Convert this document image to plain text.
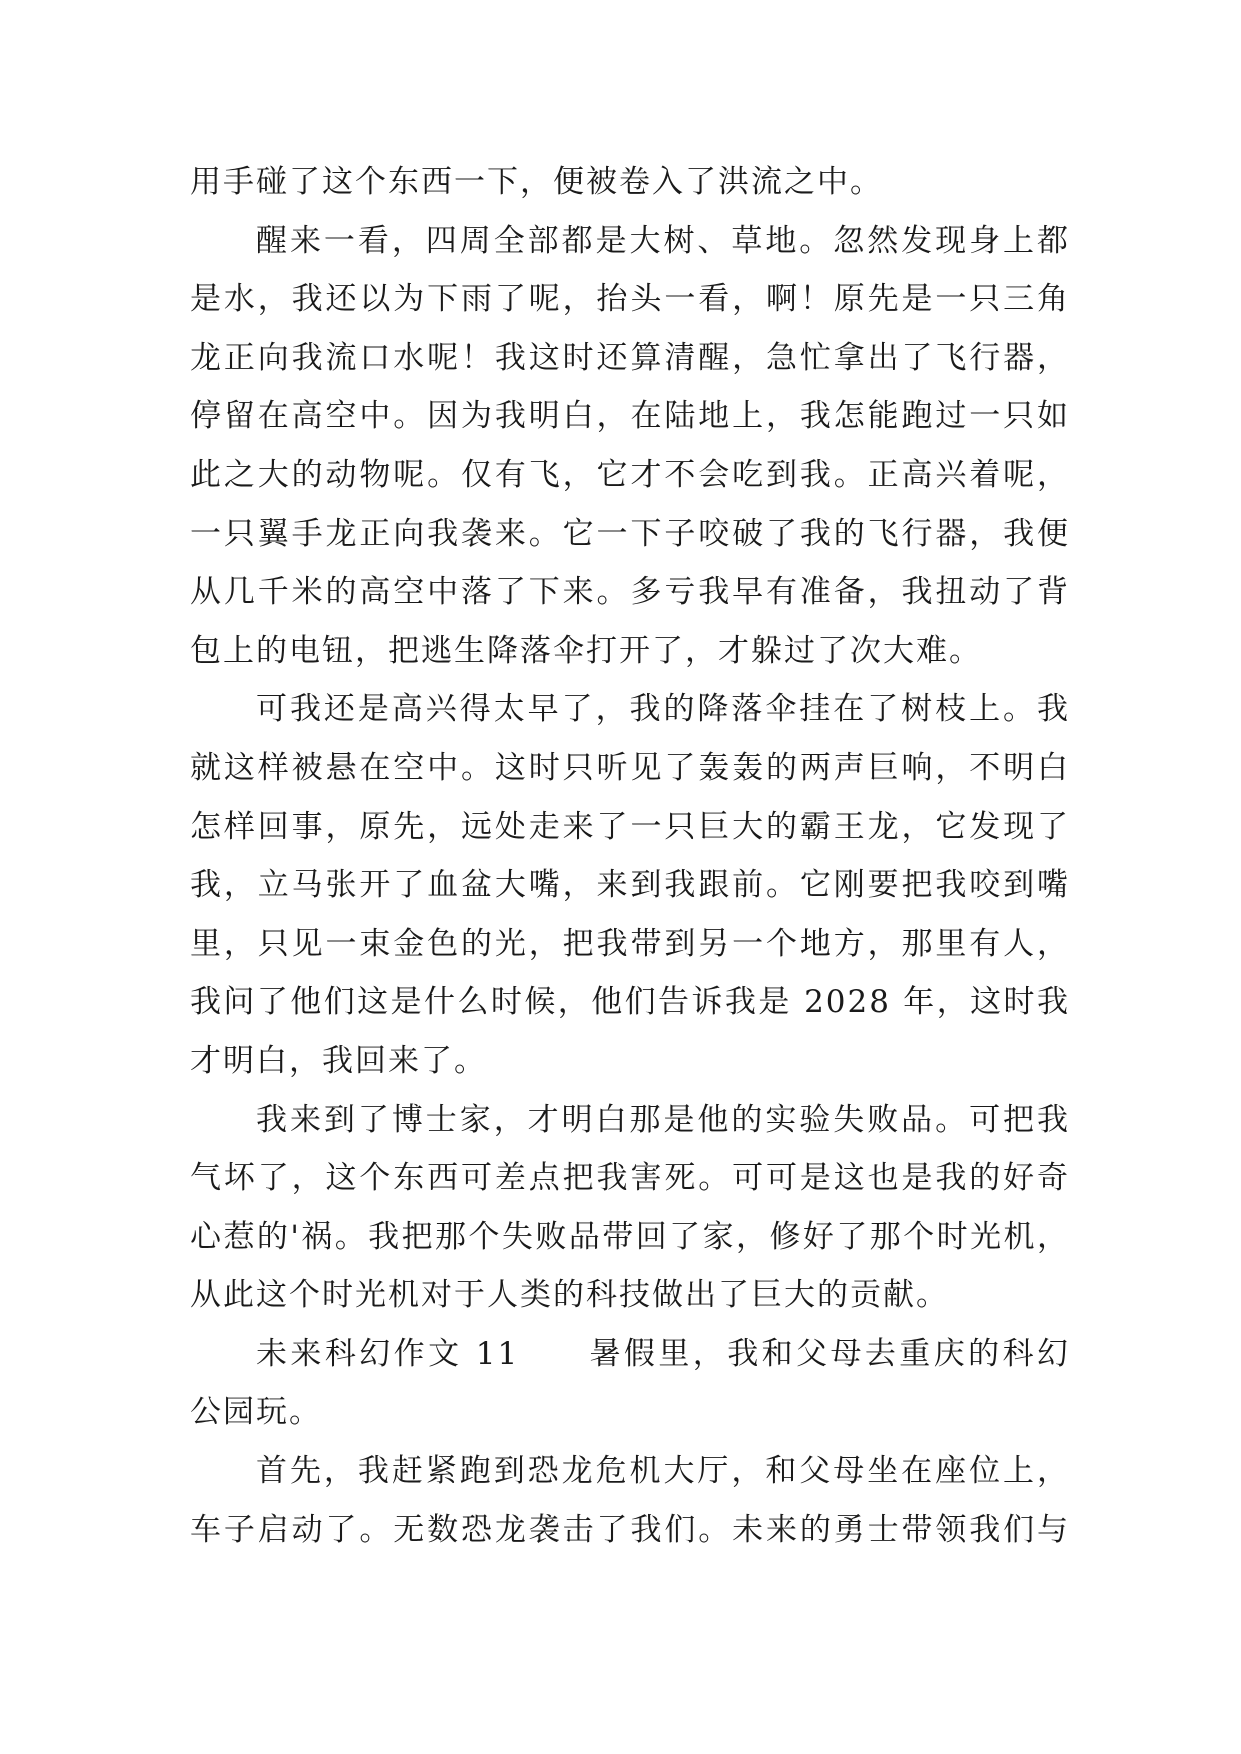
用手碰了这个东西一下，便被卷入了洪流之中。
醒来一看，四周全部都是大树、草地。忽然发现身上都
是水，我还以为下雨了呢，抬头一看，啊！原先是一只三角
龙正向我流口水呢！我这时还算清醒，急忙拿出了飞行器，
停留在高空中。因为我明白，在陆地上，我怎能跑过一只如
此之大的动物呢。仅有飞，它才不会吃到我。正高兴着呢，
一只翼手龙正向我袭来。它一下子咬破了我的飞行器，我便
从几千米的高空中落了下来。多亏我早有准备，我扭动了背
包上的电钮，把逃生降落伞打开了，才躲过了次大难。
可我还是高兴得太早了，我的降落伞挂在了树枝上。我
就这样被悬在空中。这时只听见了轰轰的两声巨响，不明白
怎样回事，原先，远处走来了一只巨大的霸王龙，它发现了
我，立马张开了血盆大嘴，来到我跟前。它刚要把我咬到嘴
里，只见一束金色的光，把我带到另一个地方，那里有人，
我问了他们这是什么时候，他们告诉我是 2028 年，这时我
才明白，我回来了。
我来到了博士家，才明白那是他的实验失败品。可把我
气坏了，这个东西可差点把我害死。可可是这也是我的好奇
心惹的'祸。我把那个失败品带回了家，修好了那个时光机，
从此这个时光机对于人类的科技做出了巨大的贡献。
未来科幻作文 11　　暑假里，我和父母去重庆的科幻
公园玩。
首先，我赶紧跑到恐龙危机大厅，和父母坐在座位上，
车子启动了。无数恐龙袭击了我们。未来的勇士带领我们与
